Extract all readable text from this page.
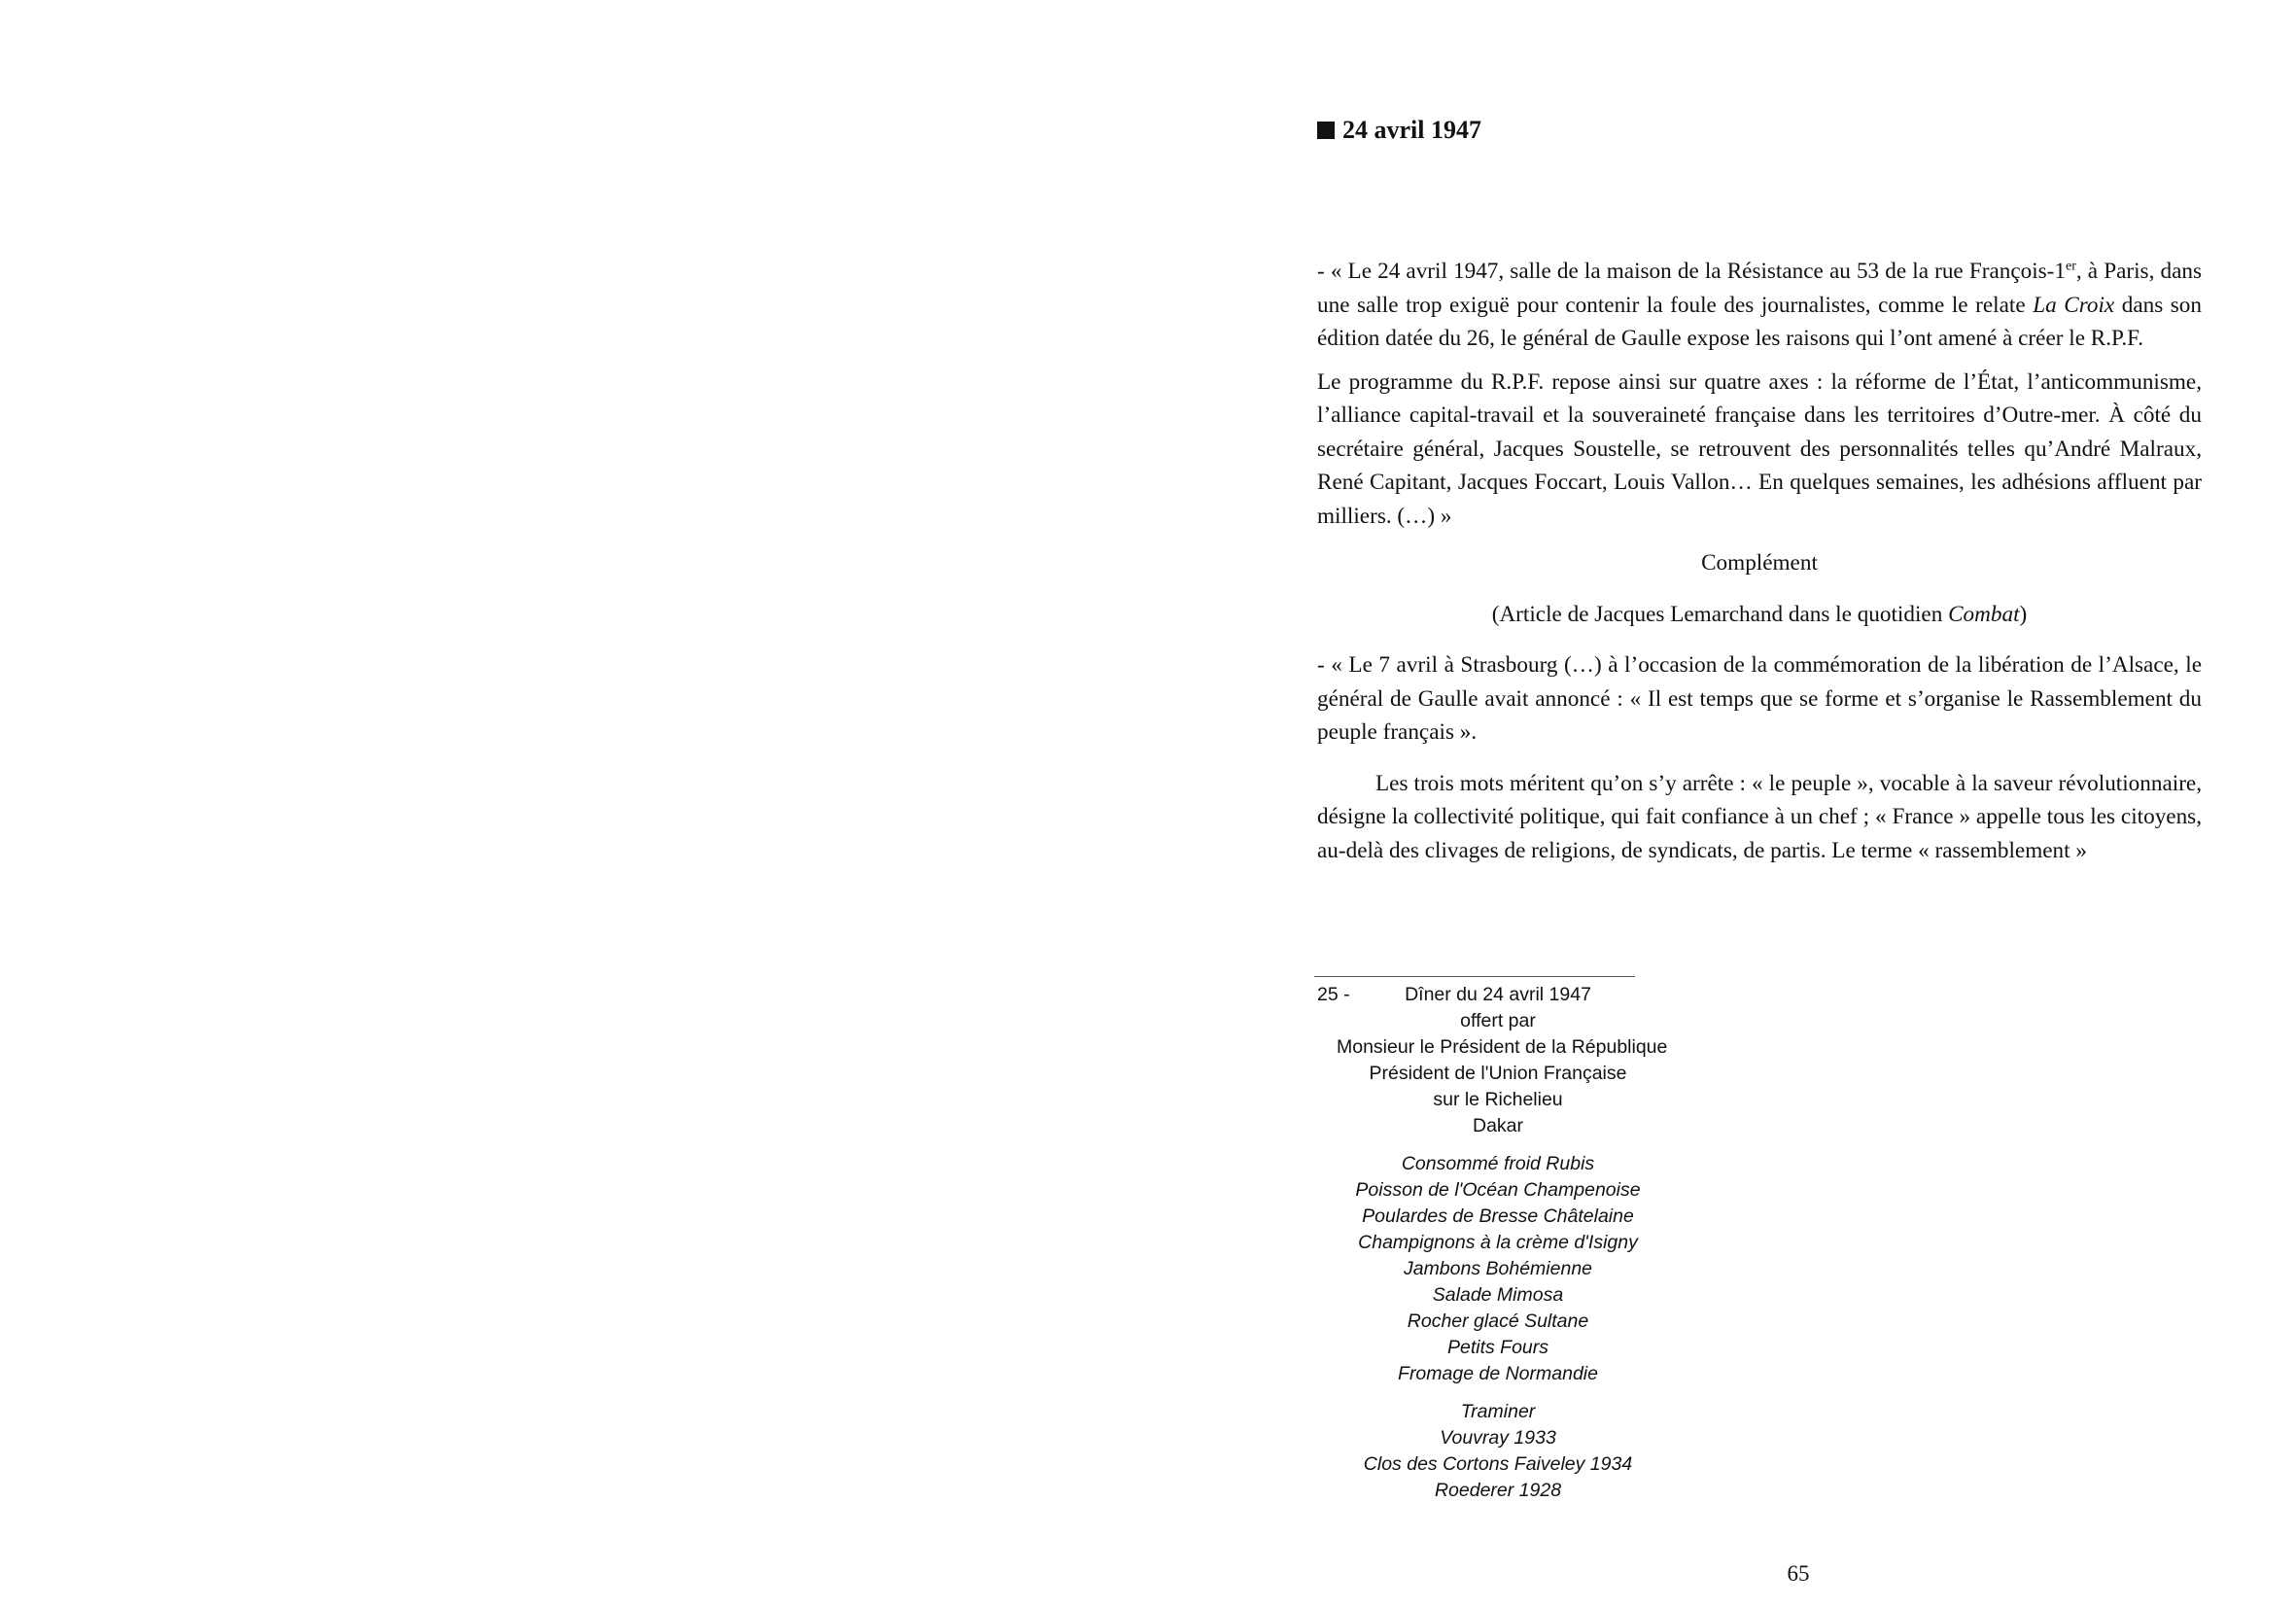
24 avril 1947

- « Le 24 avril 1947, salle de la maison de la Résistance au 53 de la rue François-1er, à Paris, dans une salle trop exiguë pour contenir la foule des journalistes, comme le relate La Croix dans son édition datée du 26, le général de Gaulle expose les raisons qui l’ont amené à créer le R.P.F.

Le programme du R.P.F. repose ainsi sur quatre axes : la réforme de l’État, l’anticommunisme, l’alliance capital-travail et la souveraineté française dans les territoires d’Outre-mer. À côté du secrétaire général, Jacques Soustelle, se retrouvent des personnalités telles qu’André Malraux, René Capitant, Jacques Foccart, Louis Vallon… En quelques semaines, les adhésions affluent par milliers. (…) »

Complément

(Article de Jacques Lemarchand dans le quotidien Combat)

- « Le 7 avril à Strasbourg (…) à l’occasion de la commémoration de la libération de l’Alsace, le général de Gaulle avait annoncé : « Il est temps que se forme et s’organise le Rassemblement du peuple français ».

Les trois mots méritent qu’on s’y arrête : « le peuple », vocable à la saveur révolutionnaire, désigne la collectivité politique, qui fait confiance à un chef ; « France » appelle tous les citoyens, au-delà des clivages de religions, de syndicats, de partis. Le terme « rassemblement »

25 -	Dîner du 24 avril 1947
offert par
Monsieur le Président de la République
Président de l'Union Française
sur le Richelieu
Dakar
Consommé froid Rubis
Poisson de l'Océan Champenoise
Poulardes de Bresse Châtelaine
Champignons à la crème d'Isigny
Jambons Bohémienne
Salade Mimosa
Rocher glacé Sultane
Petits Fours
Fromage de Normandie
Traminer
Vouvray 1933
Clos des Cortons Faiveley 1934
Roederer 1928
65
